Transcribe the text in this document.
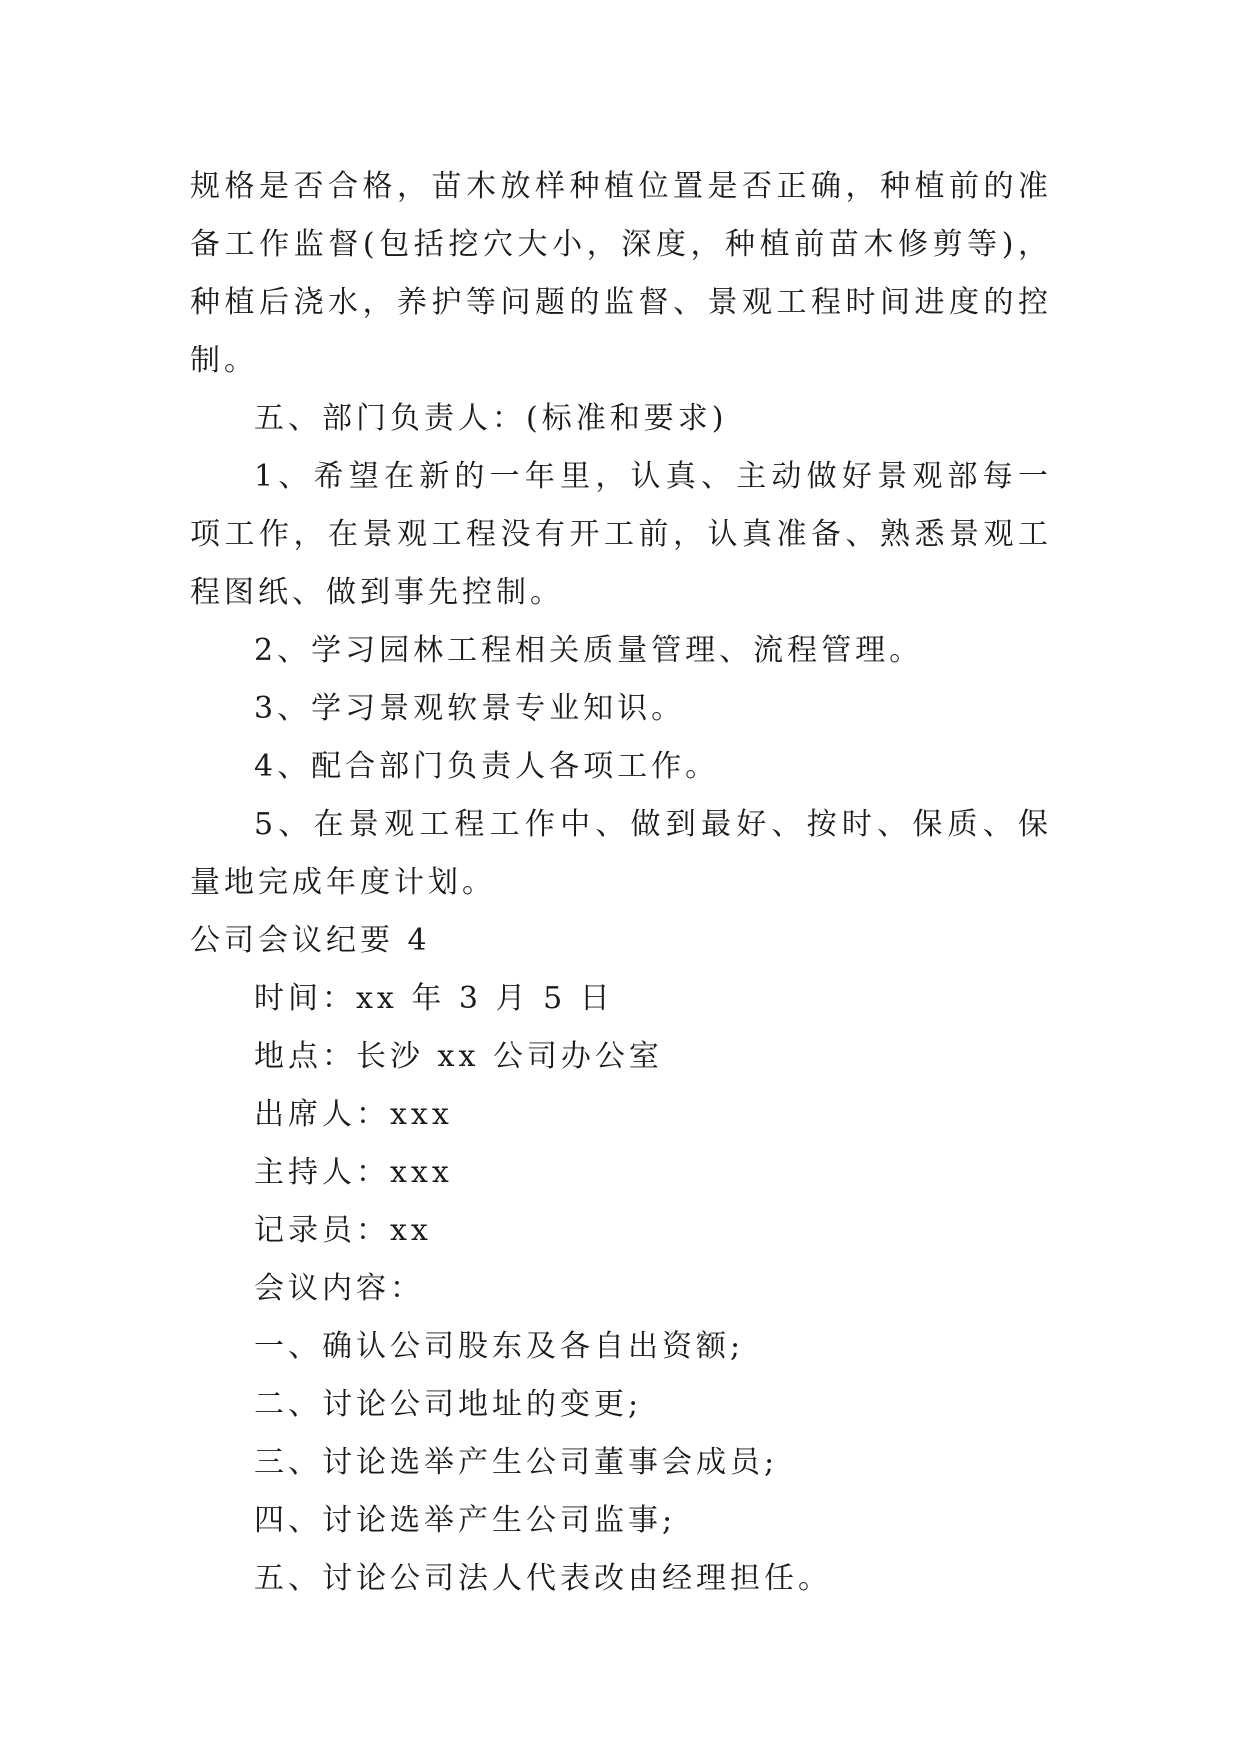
规格是否合格，苗木放样种植位置是否正确，种植前的准备工作监督(包括挖穴大小，深度，种植前苗木修剪等)，种植后浇水，养护等问题的监督、景观工程时间进度的控制。

五、部门负责人：(标准和要求)

1、希望在新的一年里，认真、主动做好景观部每一项工作，在景观工程没有开工前，认真准备、熟悉景观工程图纸、做到事先控制。

2、学习园林工程相关质量管理、流程管理。

3、学习景观软景专业知识。

4、配合部门负责人各项工作。

5、在景观工程工作中、做到最好、按时、保质、保量地完成年度计划。

公司会议纪要 4

时间：xx 年 3 月 5 日

地点：长沙 xx 公司办公室

出席人：xxx

主持人：xxx

记录员：xx

会议内容：

一、确认公司股东及各自出资额;

二、讨论公司地址的变更;

三、讨论选举产生公司董事会成员;

四、讨论选举产生公司监事;

五、讨论公司法人代表改由经理担任。
